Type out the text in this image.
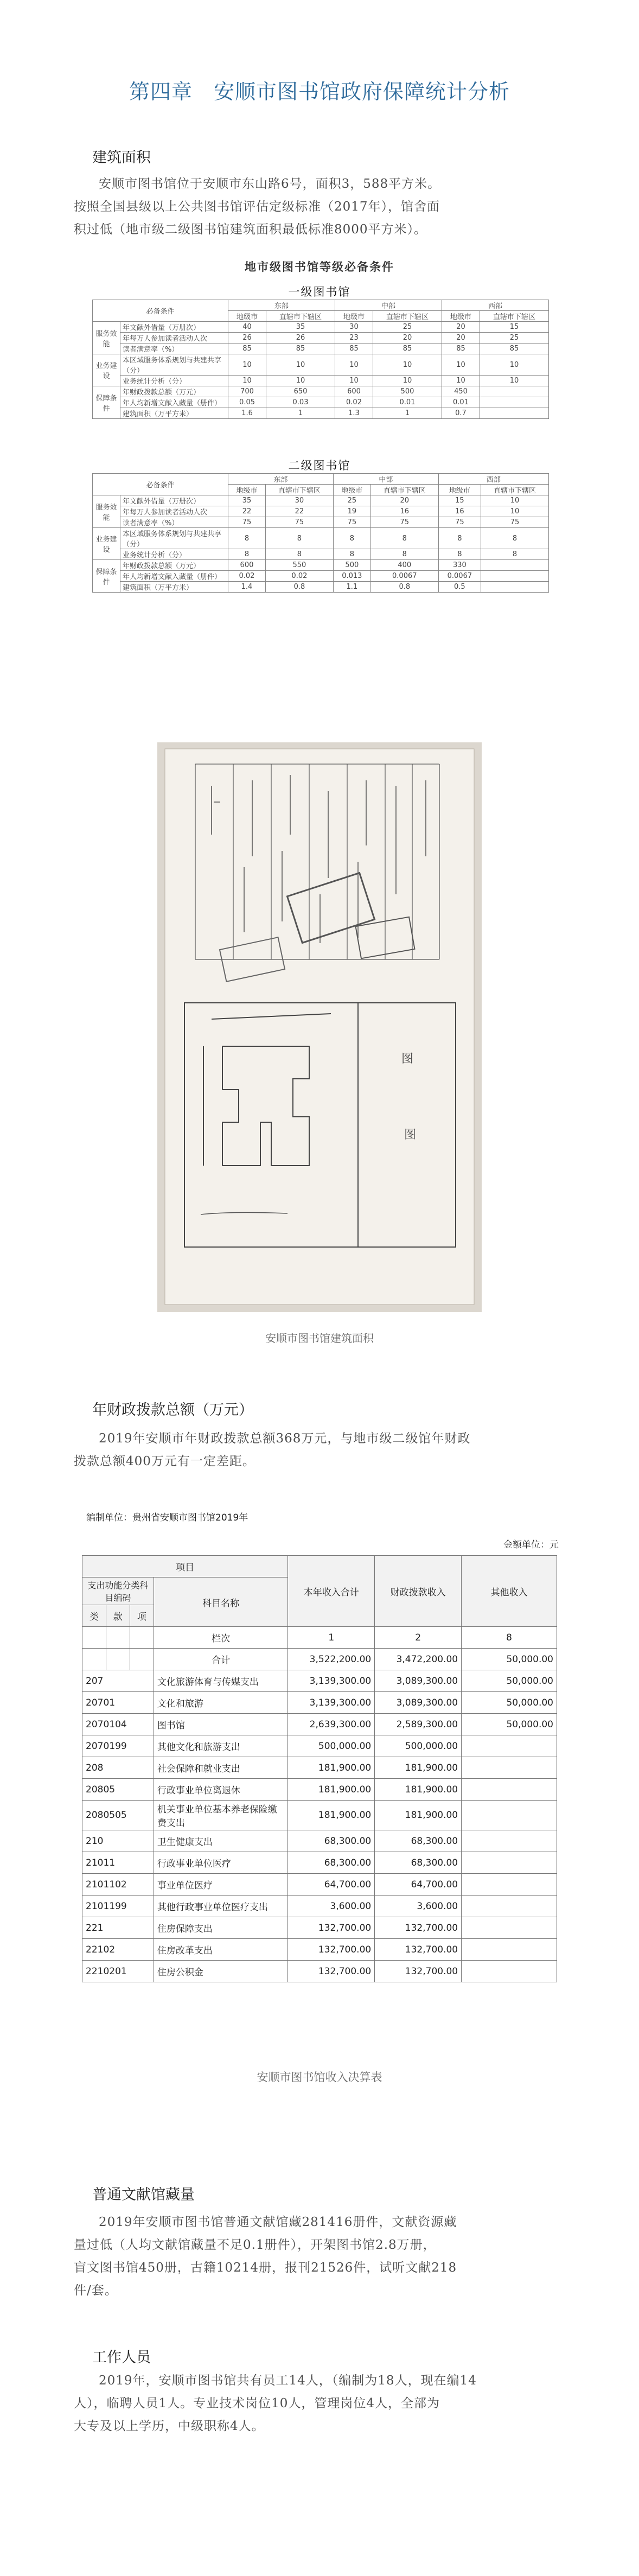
第四章　安顺市图书馆政府保障统计分析
建筑面积
安顺市图书馆位于安顺市东山路6号，面积3，588平方米。
按照全国县级以上公共图书馆评估定级标准（2017年），馆舍面
积过低（地市级二级图书馆建筑面积最低标准8000平方米）。
地市级图书馆等级必备条件
一级图书馆
必备条件		东部		中部		西部	
		地级市	直辖市下辖区	地级市	直辖市下辖区	地级市	直辖市下辖区
服务效能	年文献外借量（万册次）	40	35	30	25	20	15
	年每万人参加读者活动人次	26	26	23	20	20	25
	读者满意率（%）	85	85	85	85	85	85
业务建设	本区域服务体系规划与共建共享（分）	10	10	10	10	10	10
	业务统计分析（分）	10	10	10	10	10	10
保障条件	年财政拨款总额（万元）	700	650	600	500	450	
	年人均新增文献入藏量（册件）	0.05	0.03	0.02	0.01	0.01	
	建筑面积（万平方米）	1.6	1	1.3	1	0.7	
二级图书馆
必备条件		东部		中部		西部	
		地级市	直辖市下辖区	地级市	直辖市下辖区	地级市	直辖市下辖区
服务效能	年文献外借量（万册次）	35	30	25	20	15	10
	年每万人参加读者活动人次	22	22	19	16	16	10
	读者满意率（%）	75	75	75	75	75	75
业务建设	本区域服务体系规划与共建共享（分）	8	8	8	8	8	8
	业务统计分析（分）	8	8	8	8	8	8
保障条件	年财政拨款总额（万元）	600	550	500	400	330	
	年人均新增文献入藏量（册件）	0.02	0.02	0.013	0.0067	0.0067	
	建筑面积（万平方米）	1.4	0.8	1.1	0.8	0.5	
图
图
安顺市图书馆建筑面积
年财政拨款总额（万元）
2019年安顺市年财政拨款总额368万元，与地市级二级馆年财政
拨款总额400万元有一定差距。
编制单位：贵州省安顺市图书馆2019年
金额单位：元
项目				本年收入合计	财政拨款收入	其他收入
支出功能分类科目编码			科目名称			
类	款	项				
			栏次	1	2	8
			合计	3,522,200.00	3,472,200.00	50,000.00
207			文化旅游体育与传媒支出	3,139,300.00	3,089,300.00	50,000.00
20701			文化和旅游	3,139,300.00	3,089,300.00	50,000.00
2070104			图书馆	2,639,300.00	2,589,300.00	50,000.00
2070199			其他文化和旅游支出	500,000.00	500,000.00	
208			社会保障和就业支出	181,900.00	181,900.00	
20805			行政事业单位离退休	181,900.00	181,900.00	
2080505			机关事业单位基本养老保险缴费支出	181,900.00	181,900.00	
210			卫生健康支出	68,300.00	68,300.00	
21011			行政事业单位医疗	68,300.00	68,300.00	
2101102			事业单位医疗	64,700.00	64,700.00	
2101199			其他行政事业单位医疗支出	3,600.00	3,600.00	
221			住房保障支出	132,700.00	132,700.00	
22102			住房改革支出	132,700.00	132,700.00	
2210201			住房公积金	132,700.00	132,700.00	
安顺市图书馆收入决算表
普通文献馆藏量
2019年安顺市图书馆普通文献馆藏281416册件，文献资源藏
量过低（人均文献馆藏量不足0.1册件），开架图书馆2.8万册，
盲文图书馆450册，古籍10214册，报刊21526件，试听文献218
件/套。
工作人员
2019年，安顺市图书馆共有员工14人，（编制为18人，现在编14
人），临聘人员1人。专业技术岗位10人，管理岗位4人，全部为
大专及以上学历，中级职称4人。
